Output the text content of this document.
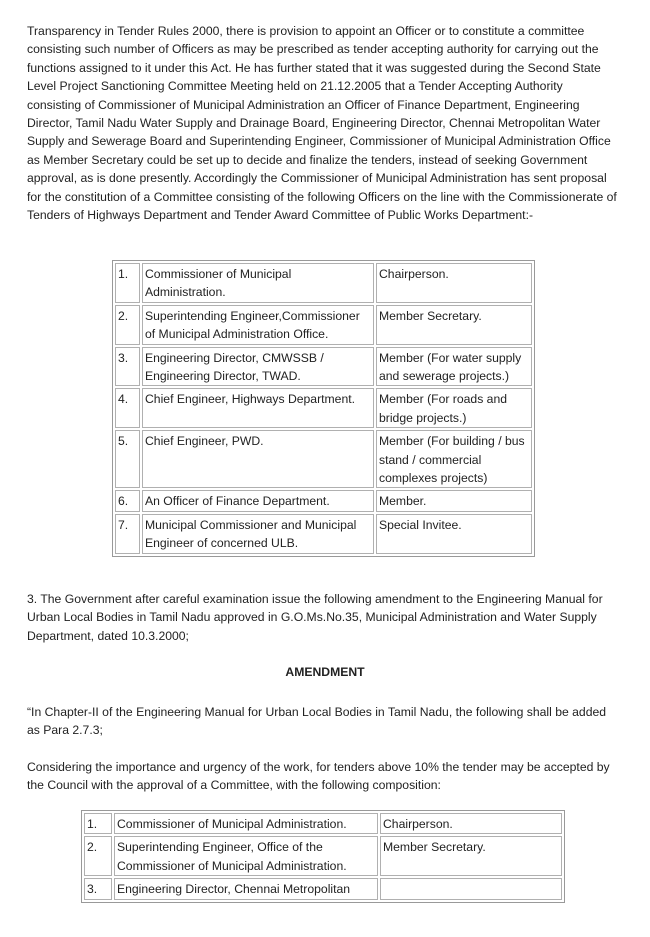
Transparency in Tender Rules 2000, there is provision to appoint an Officer or to constitute a committee consisting such number of Officers as may be prescribed as tender accepting authority for carrying out the functions assigned to it under this Act. He has further stated that it was suggested during the Second State Level Project Sanctioning Committee Meeting held on 21.12.2005 that a Tender Accepting Authority consisting of Commissioner of Municipal Administration an Officer of Finance Department, Engineering Director, Tamil Nadu Water Supply and Drainage Board, Engineering Director, Chennai Metropolitan Water Supply and Sewerage Board and Superintending Engineer, Commissioner of Municipal Administration Office as Member Secretary could be set up to decide and finalize the tenders, instead of seeking Government approval, as is done presently. Accordingly the Commissioner of Municipal Administration has sent proposal for the constitution of a Committee consisting of the following Officers on the line with the Commissionerate of Tenders of Highways Department and Tender Award Committee of Public Works Department:-

1.	Commissioner of Municipal Administration.	Chairperson.
2.	Superintending Engineer,Commissioner of Municipal Administration Office.	Member Secretary.
3.	Engineering Director, CMWSSB / Engineering Director, TWAD.	Member (For water supply and sewerage projects.)
4.	Chief Engineer, Highways Department.	Member (For roads and bridge projects.)
5.	Chief Engineer, PWD.	Member (For building / bus stand / commercial complexes projects)
6.	An Officer of Finance Department.	Member.
7.	Municipal Commissioner and Municipal Engineer of concerned ULB.	Special Invitee.

3. The Government after careful examination issue the following amendment to the Engineering Manual for Urban Local Bodies in Tamil Nadu approved in G.O.Ms.No.35, Municipal Administration and Water Supply Department, dated 10.3.2000;

AMENDMENT

“In Chapter-II of the Engineering Manual for Urban Local Bodies in Tamil Nadu, the following shall be added as Para 2.7.3;

Considering the importance and urgency of the work, for tenders above 10% the tender may be accepted by the Council with the approval of a Committee, with the following composition:

1.	Commissioner of Municipal Administration.	Chairperson.
2.	Superintending Engineer, Office of the Commissioner of Municipal Administration.	Member Secretary.
3.	Engineering Director, Chennai Metropolitan	
